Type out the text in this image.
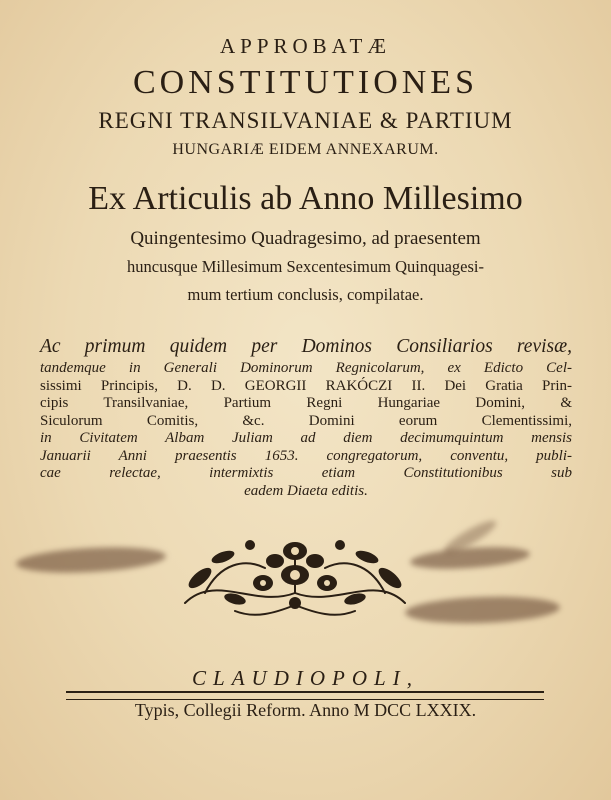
APPROBATÆ
CONSTITUTIONES
REGNI TRANSILVANIAE & PARTIUM
HUNGARIÆ EIDEM ANNEXARUM.
Ex Articulis ab Anno Millesimo
Quingentesimo Quadragesimo, ad praesentem
huncusque Millesimum Sexcentesimum Quinquagesi-
mum tertium conclusis, compilatae.
Ac primum quidem per Dominos Consiliarios revisæ,
tandemque in Generali Dominorum Regnicolarum, ex Edicto Cel-
sissimi Principis, D. D. GEORGII RAKÓCZI II. Dei Gratia Prin-
cipis Transilvaniae, Partium Regni Hungariae Domini, &
Siculorum Comitis, &c. Domini eorum Clementissimi,
in Civitatem Albam Juliam ad diem decimumquintum mensis
Januarii Anni praesentis 1653. congregatorum, conventu, publi-
cae relectae, intermixtis etiam Constitutionibus sub
eadem Diaeta editis.
CLAUDIOPOLI,
Typis, Collegii Reform. Anno M DCC LXXIX.
